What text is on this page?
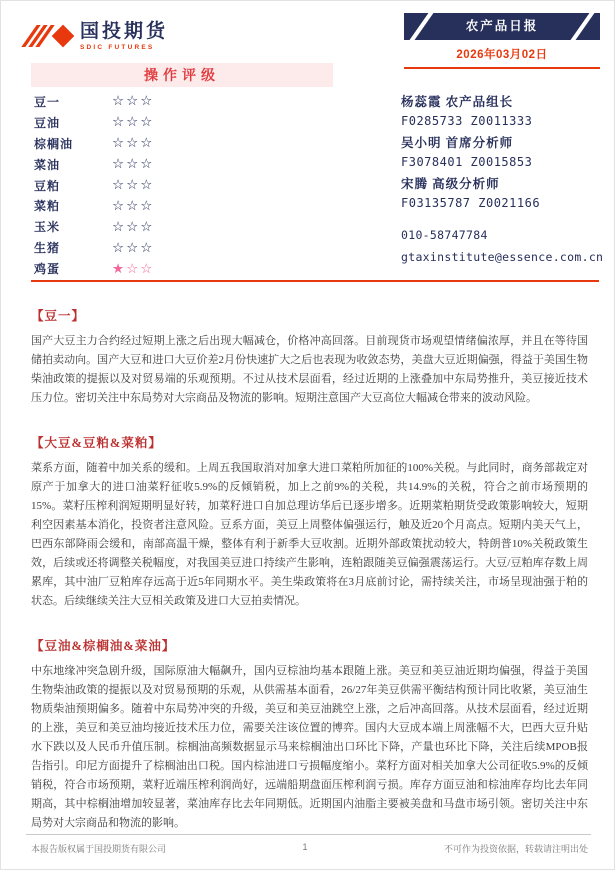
国投期货
SDIC FUTURES
农产品日报
2026年03月02日
操作评级
豆一	☆☆☆
豆油	☆☆☆
棕榈油	☆☆☆
菜油	☆☆☆
豆粕	☆☆☆
菜粕	☆☆☆
玉米	☆☆☆
生猪	☆☆☆
鸡蛋	★☆☆
杨蕊霞 农产品组长
F0285733 Z0011333
吴小明 首席分析师
F3078401 Z0015853
宋腾 高级分析师
F03135787 Z0021166
010-58747784
gtaxinstitute@essence.com.cn
【豆一】
国产大豆主力合约经过短期上涨之后出现大幅减仓，价格冲高回落。目前现货市场观望情绪偏浓厚，并且在等待国储拍卖动向。国产大豆和进口大豆价差2月份快速扩大之后也表现为收敛态势，美盘大豆近期偏强，得益于美国生物柴油政策的提振以及对贸易端的乐观预期。不过从技术层面看，经过近期的上涨叠加中东局势推升，美豆接近技术压力位。密切关注中东局势对大宗商品及物流的影响。短期注意国产大豆高位大幅减仓带来的波动风险。
【大豆&豆粕&菜粕】
菜系方面，随着中加关系的缓和。上周五我国取消对加拿大进口菜粕所加征的100%关税。与此同时，商务部裁定对原产于加拿大的进口油菜籽征收5.9%的反倾销税，加上之前9%的关税，共14.9%的关税，符合之前市场预期的15%。菜籽压榨利润短期明显好转，加菜籽进口自加总理访华后已逐步增多。近期菜粕期货受政策影响较大，短期利空因素基本消化，投资者注意风险。豆系方面，美豆上周整体偏强运行，触及近20个月高点。短期内美天气上，巴西东部降雨会缓和，南部高温干燥，整体有利于新季大豆收割。近期外部政策扰动较大，特朗普10%关税政策生效，后续或还将调整关税幅度，对我国美豆进口持续产生影响，连粕跟随美豆偏强震荡运行。大豆/豆粕库存数上周累库，其中油厂豆粕库存远高于近5年同期水平。美生柴政策将在3月底前讨论，需持续关注，市场呈现油强于粕的状态。后续继续关注大豆相关政策及进口大豆拍卖情况。
【豆油&棕榈油&菜油】
中东地缘冲突急剧升级，国际原油大幅飙升，国内豆棕油均基本跟随上涨。美豆和美豆油近期均偏强，得益于美国生物柴油政策的提振以及对贸易预期的乐观，从供需基本面看，26/27年美豆供需平衡结构预计同比收紧，美豆油生物质柴油预期偏多。随着中东局势冲突的升级，美豆和美豆油跳空上涨，之后冲高回落。从技术层面看，经过近期的上涨，美豆和美豆油均接近技术压力位，需要关注该位置的博弈。国内大豆成本端上周涨幅不大，巴西大豆升贴水下跌以及人民币升值压制。棕榈油高频数据显示马来棕榈油出口环比下降，产量也环比下降，关注后续MPOB报告指引。印尼方面提升了棕榈油出口税。国内棕油进口亏损幅度缩小。菜籽方面对相关加拿大公司征收5.9%的反倾销税，符合市场预期，菜籽近端压榨利润尚好，远端船期盘面压榨利润亏损。库存方面豆油和棕油库存均比去年同期高，其中棕榈油增加较显著，菜油库存比去年同期低。近期国内油脂主要被美盘和马盘市场引领。密切关注中东局势对大宗商品和物流的影响。
本报告版权属于国投期货有限公司	1	不可作为投资依据，转载请注明出处
